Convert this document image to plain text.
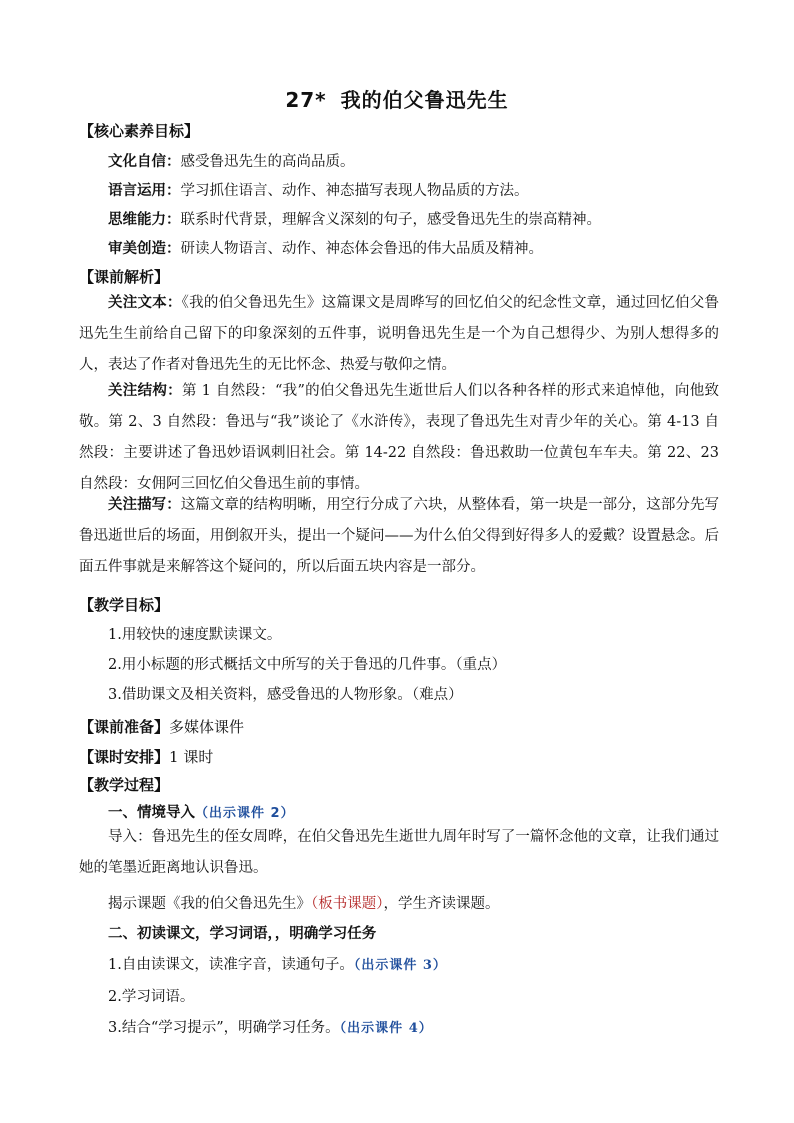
27* 我的伯父鲁迅先生
【核心素养目标】
文化自信：感受鲁迅先生的高尚品质。
语言运用：学习抓住语言、动作、神态描写表现人物品质的方法。
思维能力：联系时代背景，理解含义深刻的句子，感受鲁迅先生的崇高精神。
审美创造：研读人物语言、动作、神态体会鲁迅的伟大品质及精神。
【课前解析】
关注文本：《我的伯父鲁迅先生》这篇课文是周晔写的回忆伯父的纪念性文章，通过回忆伯父鲁迅先生生前给自己留下的印象深刻的五件事，说明鲁迅先生是一个为自己想得少、为别人想得多的人，表达了作者对鲁迅先生的无比怀念、热爱与敬仰之情。
关注结构：第 1 自然段：“我”的伯父鲁迅先生逝世后人们以各种各样的形式来追悼他，向他致敬。第 2、3 自然段：鲁迅与“我”谈论了《水浒传》，表现了鲁迅先生对青少年的关心。第 4-13 自然段：主要讲述了鲁迅妙语讽刺旧社会。第 14-22 自然段：鲁迅救助一位黄包车车夫。第 22、23 自然段：女佣阿三回忆伯父鲁迅生前的事情。
关注描写：这篇文章的结构明晰，用空行分成了六块，从整体看，第一块是一部分，这部分先写鲁迅逝世后的场面，用倒叙开头，提出一个疑问——为什么伯父得到好得多人的爱戴？设置悬念。后面五件事就是来解答这个疑问的，所以后面五块内容是一部分。
【教学目标】
1.用较快的速度默读课文。
2.用小标题的形式概括文中所写的关于鲁迅的几件事。（重点）
3.借助课文及相关资料，感受鲁迅的人物形象。（难点）
【课前准备】多媒体课件
【课时安排】1 课时
【教学过程】
一、情境导入（出示课件 2）
导入：鲁迅先生的侄女周晔，在伯父鲁迅先生逝世九周年时写了一篇怀念他的文章，让我们通过她的笔墨近距离地认识鲁迅。
揭示课题《我的伯父鲁迅先生》（板书课题），学生齐读课题。
二、初读课文，学习词语，，明确学习任务
1.自由读课文，读准字音，读通句子。（出示课件 3）
2.学习词语。
3.结合“学习提示”，明确学习任务。（出示课件 4）
